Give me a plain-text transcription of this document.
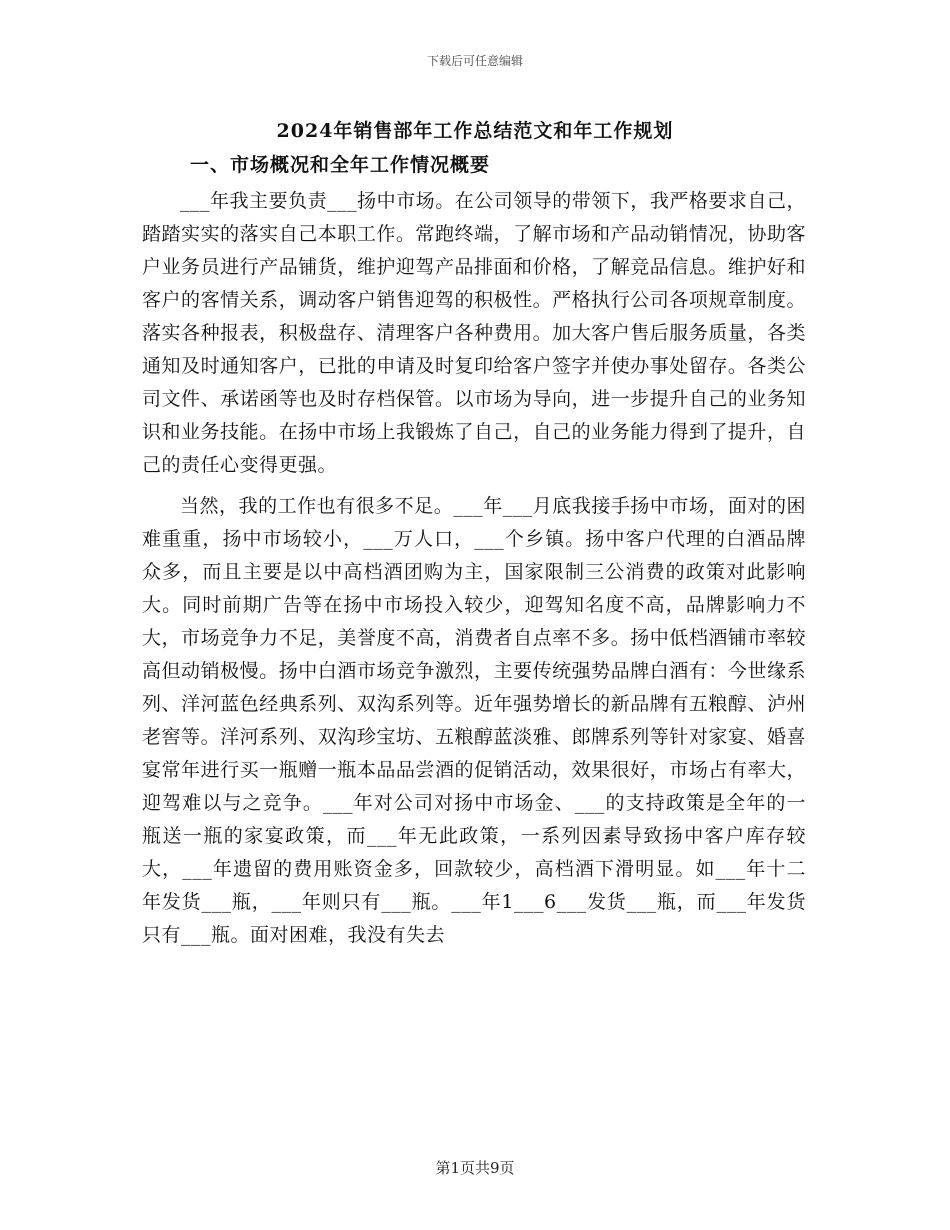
下载后可任意编辑
2024年销售部年工作总结范文和年工作规划
一、市场概况和全年工作情况概要

___年我主要负责___扬中市场。在公司领导的带领下，我严格要求自己，踏踏实实的落实自己本职工作。常跑终端，了解市场和产品动销情况，协助客户业务员进行产品铺货，维护迎驾产品排面和价格，了解竞品信息。维护好和客户的客情关系，调动客户销售迎驾的积极性。严格执行公司各项规章制度。落实各种报表，积极盘存、清理客户各种费用。加大客户售后服务质量，各类通知及时通知客户，已批的申请及时复印给客户签字并使办事处留存。各类公司文件、承诺函等也及时存档保管。以市场为导向，进一步提升自己的业务知识和业务技能。在扬中市场上我锻炼了自己，自己的业务能力得到了提升，自己的责任心变得更强。

当然，我的工作也有很多不足。___年___月底我接手扬中市场，面对的困难重重，扬中市场较小，___万人口，___个乡镇。扬中客户代理的白酒品牌众多，而且主要是以中高档酒团购为主，国家限制三公消费的政策对此影响大。同时前期广告等在扬中市场投入较少，迎驾知名度不高，品牌影响力不大，市场竞争力不足，美誉度不高，消费者自点率不多。扬中低档酒铺市率较高但动销极慢。扬中白酒市场竞争激烈，主要传统强势品牌白酒有：今世缘系列、洋河蓝色经典系列、双沟系列等。近年强势增长的新品牌有五粮醇、泸州老窖等。洋河系列、双沟珍宝坊、五粮醇蓝淡雅、郎牌系列等针对家宴、婚喜宴常年进行买一瓶赠一瓶本品品尝酒的促销活动，效果很好，市场占有率大，迎驾难以与之竞争。___年对公司对扬中市场金、___的支持政策是全年的一瓶送一瓶的家宴政策，而___年无此政策，一系列因素导致扬中客户库存较大，___年遗留的费用账资金多，回款较少，高档酒下滑明显。如___年十二年发货___瓶，___年则只有___瓶。___年1___6___发货___瓶，而___年发货只有___瓶。面对困难，我没有失去

第1页共9页
